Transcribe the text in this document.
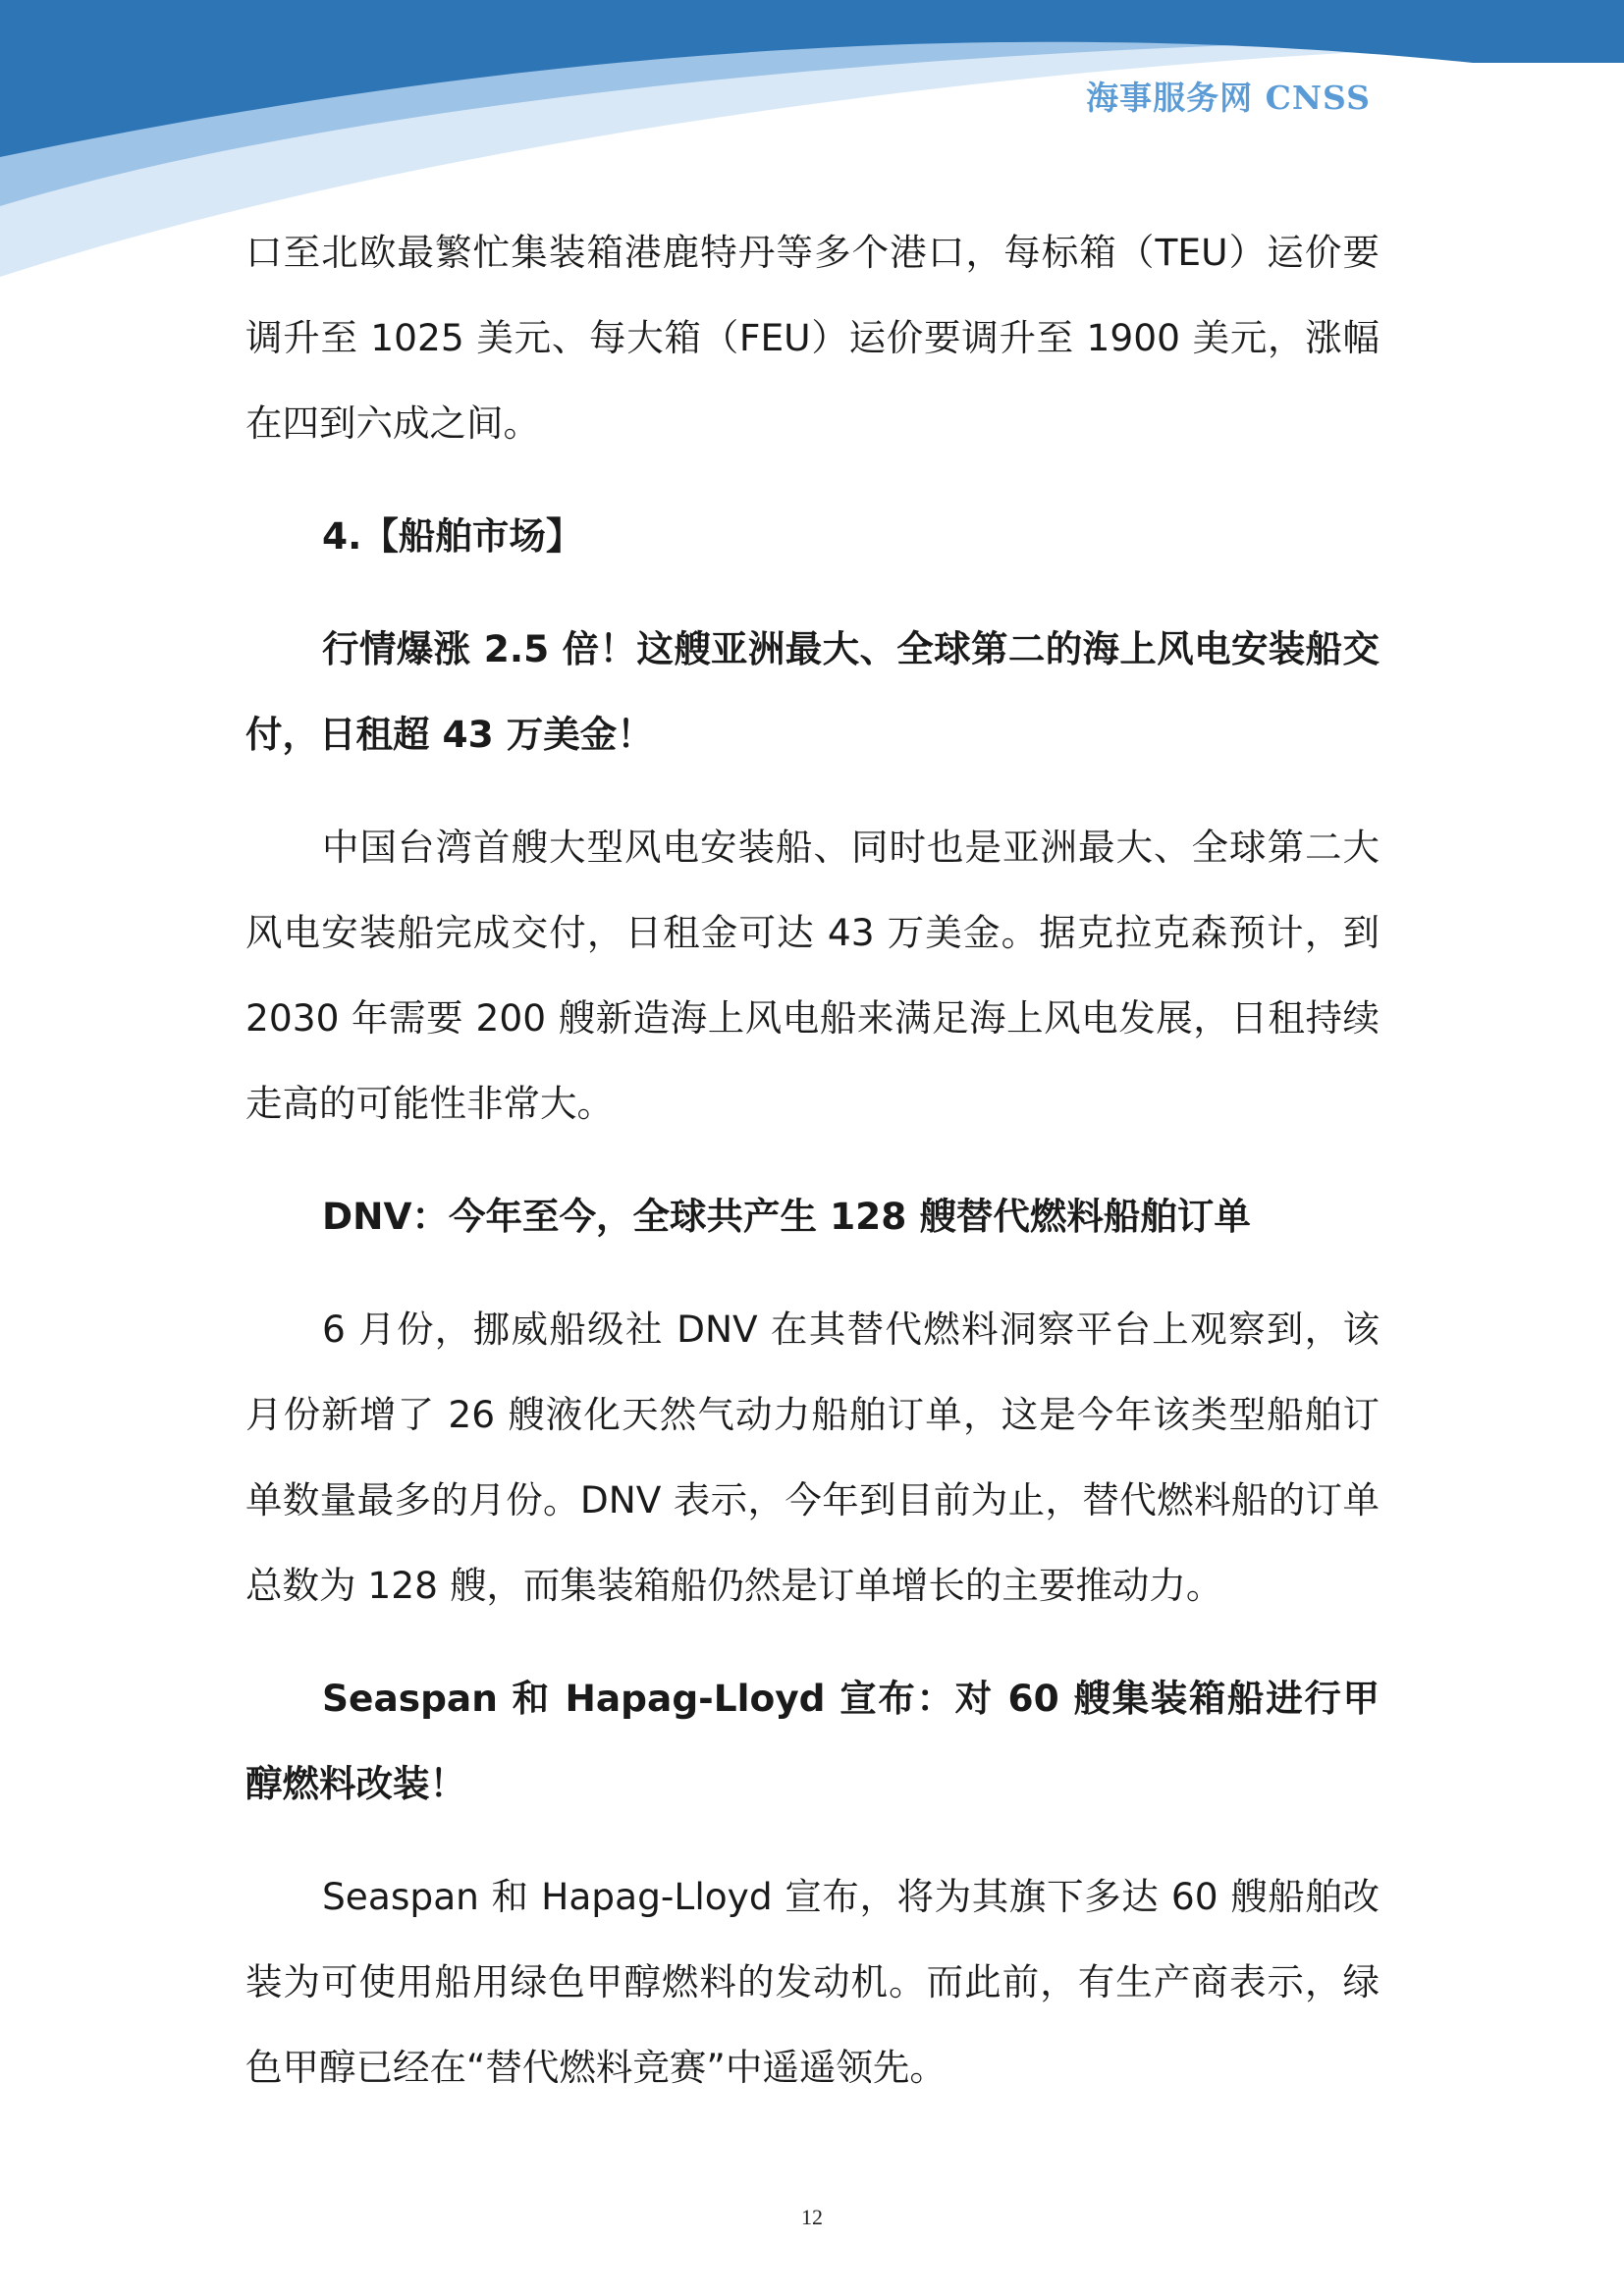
海事服务网 CNSS

口至北欧最繁忙集装箱港鹿特丹等多个港口，每标箱（TEU）运价要调升至 1025 美元、每大箱（FEU）运价要调升至 1900 美元，涨幅在四到六成之间。

4.【船舶市场】
行情爆涨 2.5 倍！这艘亚洲最大、全球第二的海上风电安装船交付，日租超 43 万美金！

中国台湾首艘大型风电安装船、同时也是亚洲最大、全球第二大风电安装船完成交付，日租金可达 43 万美金。据克拉克森预计，到 2030 年需要 200 艘新造海上风电船来满足海上风电发展，日租持续走高的可能性非常大。

DNV：今年至今，全球共产生 128 艘替代燃料船舶订单

6 月份，挪威船级社 DNV 在其替代燃料洞察平台上观察到，该月份新增了 26 艘液化天然气动力船舶订单，这是今年该类型船舶订单数量最多的月份。DNV 表示，今年到目前为止，替代燃料船的订单总数为 128 艘，而集装箱船仍然是订单增长的主要推动力。

Seaspan 和 Hapag-Lloyd 宣布：对 60 艘集装箱船进行甲醇燃料改装！

Seaspan 和 Hapag-Lloyd 宣布，将为其旗下多达 60 艘船舶改装为可使用船用绿色甲醇燃料的发动机。而此前，有生产商表示，绿色甲醇已经在“替代燃料竞赛”中遥遥领先。

12
